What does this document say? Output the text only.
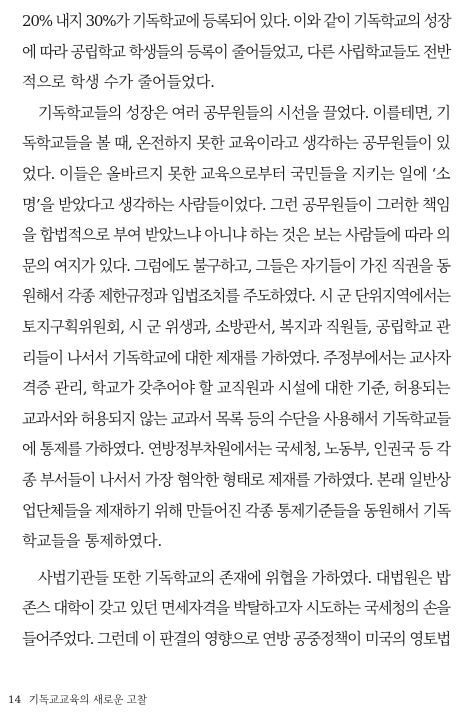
20% 내지 30%가 기독학교에 등록되어 있다. 이와 같이 기독학교의 성장
에 따라 공립학교 학생들의 등록이 줄어들었고, 다른 사립학교들도 전반
적으로 학생 수가 줄어들었다.
기독학교들의 성장은 여러 공무원들의 시선을 끌었다. 이를테면, 기
독학교들을 볼 때, 온전하지 못한 교육이라고 생각하는 공무원들이 있
었다. 이들은 올바르지 못한 교육으로부터 국민들을 지키는 일에 ‘소
명’을 받았다고 생각하는 사람들이었다. 그런 공무원들이 그러한 책임
을 합법적으로 부여 받았느냐 아니냐 하는 것은 보는 사람들에 따라 의
문의 여지가 있다. 그럼에도 불구하고, 그들은 자기들이 가진 직권을 동
원해서 각종 제한규정과 입법조치를 주도하였다. 시 군 단위지역에서는
토지구획위원회, 시 군 위생과, 소방관서, 복지과 직원들, 공립학교 관
리들이 나서서 기독학교에 대한 제재를 가하였다. 주정부에서는 교사자
격증 관리, 학교가 갖추어야 할 교직원과 시설에 대한 기준, 허용되는
교과서와 허용되지 않는 교과서 목록 등의 수단을 사용해서 기독학교들
에 통제를 가하였다. 연방정부차원에서는 국세청, 노동부, 인권국 등 각
종 부서들이 나서서 가장 혐악한 형태로 제재를 가하였다. 본래 일반상
업단체들을 제재하기 위해 만들어진 각종 통제기준들을 동원해서 기독
학교들을 통제하였다.
사법기관들 또한 기독학교의 존재에 위협을 가하였다. 대법원은 밥
존스 대학이 갖고 있던 면세자격을 박탈하고자 시도하는 국세청의 손을
들어주었다. 그런데 이 판결의 영향으로 연방 공중정책이 미국의 영토법
14 기독교교육의 새로운 고찰
